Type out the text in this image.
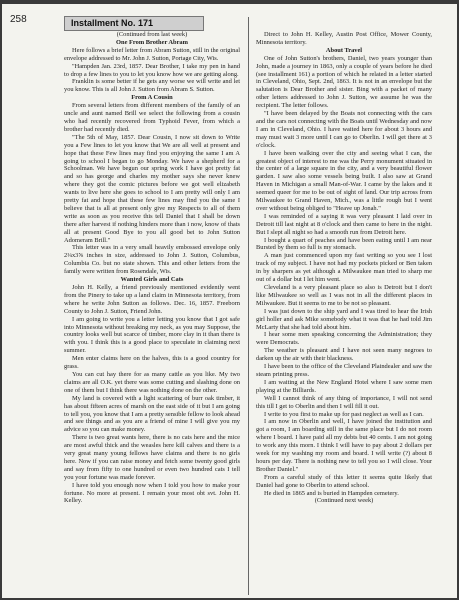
258	Installment No. 171

(Continued from last week)

One From Brother Abram

Here follows a brief letter from Abram Sutton, still in the original envelope addressed to Mr. John J. Sutton, Portage City, Wis.

"Hampden Jan. 23rd, 1857. Dear Brother, I take my pen in hand to drop a few lines to you to let you know how we are getting along.

Franklin is some better if he gets any worse we will write and let you know. This is all John J. Sutton from Abram S. Sutton.

From A Cousin

From several letters from different members of the family of an uncle and aunt named Brill we select the following from a cousin who had recently recovered from Typhoid Fever, from which a brother had recently died.

"The 5th of May, 1857. Dear Cousin, I now sit down to Write you a Few lines to let you know that We are all well at present and hope that these Few lines may find you enjoying the same I am A going to school I began to go Monday. We have a shepherd for a Schoolman. We have begun our spring work I have got pretty fat and so has george and charles my mother says she never knew where they got the comic pictures before we got well elizabeth wants to live here she goes to school to I am pretty will only I am pretty fat and hope that these few lines may find you the same I believe that is all at present only give my Respects to all of them write as soon as you receive this tell Daniel that I shall be down there after harvest if nothing hinders more than i now, know of thats all at present Good Bye to you all good bei to John Sutton Adomeram Brill."

This letter was in a very small heavily embossed envelope only 2¼x3⅝ inches in size, addressed to John J. Sutton, Columbus, Columbia Co. but no state shown. This and other letters from the family were written from Rosendale, Wis.

Wanted Girls and Cats

John H. Kelly, a friend previously mentioned evidently went from the Pinery to take up a land claim in Minnesota territory, from where he write John Sutton as follows. Dec. 16, 1857. Freeborn County to John J. Sutton, Friend John.

I am going to write you a letter letting you know that I got safe into Minnesota without breaking my neck, as you may Suppose, the country looks well but scarce of timber, more clay in it than there is with you. I think this is a good place to speculate in claiming next summer.

Men enter claims here on the halves, this is a good country for grass.

You can cut hay there for as many cattle as you like. My two claims are all O.K. yet there was some cutting and slashing done on one of them but I think there was nothing done on the other.

My land is covered with a light scattering of burr oak timber, it has about fifteen acres of marsh on the east side of it but I am going to tell you, you know that I am a pretty sensible fellow to look ahead and see things and as you are a friend of mine I will give you my advice so you can make money.

There is two great wants here, there is no cats here and the mice are most awful thick and the weasles here kill calves and there is a very great many young fellows have claims and there is no girls here. Now if you can raise money and fetch some twenty good girls and say from fifty to one hundred or even two hundred cats I tell you your fortune was made forever.

I have told you enough now when I told you how to make your fortune. No more at present. I remain your most obt svt. John H. Kelley.

Direct to John H. Kelley, Austin Post Office, Mower County, Minnesota territory.

About Travel

One of John Sutton's brothers, Daniel, two years younger than John, made a journey in 1863, only a couple of years before he died (see installment 161) a portion of which he related in a letter started in Cleveland, Ohio, Sept. 2nd, 1863. It is not in an envelope but the salutation is Dear Brother and sister. Bing with a packet of many other letters addressed to John J. Sutton, we assume he was the recipient. The letter follows.

"I have been delayed by the Boats not connecting with the cars and the cars not connecting with the Boats until Wednesday and now I am in Cleveland, Ohio. I have waited here for about 3 hours and may must wait 3 more until I can go to Oberlin. I will get there at 3 o'clock.

I have been walking over the city and seeing what I can, the greatest object of interest to me was the Perry monument situated in the center of a large square in the city, and a very beautiful flower garden. I saw also some vessels being built. I also saw at Grand Haven in Michigan a small Man-of-War. I came by the lakes and it seemed queer for me to be out of sight of land. Our trip across from Milwaukee to Grand Haven, Mich., was a little rough but I went over without being obliged to "Heave up Jonah."

I was reminded of a saying it was very pleasant I laid over in Detroit till last night at 8 o'clock and then came to here in the night. But I slept all night so had a smooth run from Detroit here.

I bought a quart of peaches and have been eating until I am near Bursted by them so full is my stomach.

A man just commenced upon my fast writing so you see I lost track of my subject. I have not had my pockets picked or Ben taken in by sharpers as yet although a Milwaukee man tried to sharp me out of a dollar but I let him went.

Cleveland is a very pleasant place so also is Detroit but I don't like Milwaukee so well as I was not in all the different places in Milwaukee. But it seems to me to be not so pleasant.

I was just down to the ship yard and I was tired to hear the Irish girl holler and ask Mike somebody what it was that he had told Jim McLarty that she had told about him.

I hear some men speaking concerning the Administration; they were Democrats.

The weather is pleasant and I have not seen many negroes to darken up the air with their blackness.

I have been to the office of the Cleveland Plaindealer and saw the steam printing press.

I am waiting at the New England Hotel where I saw some men playing at the Billiards.

Well I cannot think of any thing of importance, I will not send this till I get to Oberlin and then I will fill it out.

I write to you first to make up for past neglect as well as I can.

I am now in Oberlin and well, I have joined the institution and got a room, I am boarding still in the same place but I do not room where I board. I have paid all my debts but 40 cents. I am not going to work any this morn. I think I will have to pay about 2 dollars per week for my washing my room and board. I will write (?) about 8 hours per day. There is nothing new to tell you so I will close. Your Brother Daniel."

From a careful study of this letter it seems quite likely that Daniel had gone to Oberlin to attend school.

He died in 1865 and is buried in Hampden cemetery.

(Continued next week)
